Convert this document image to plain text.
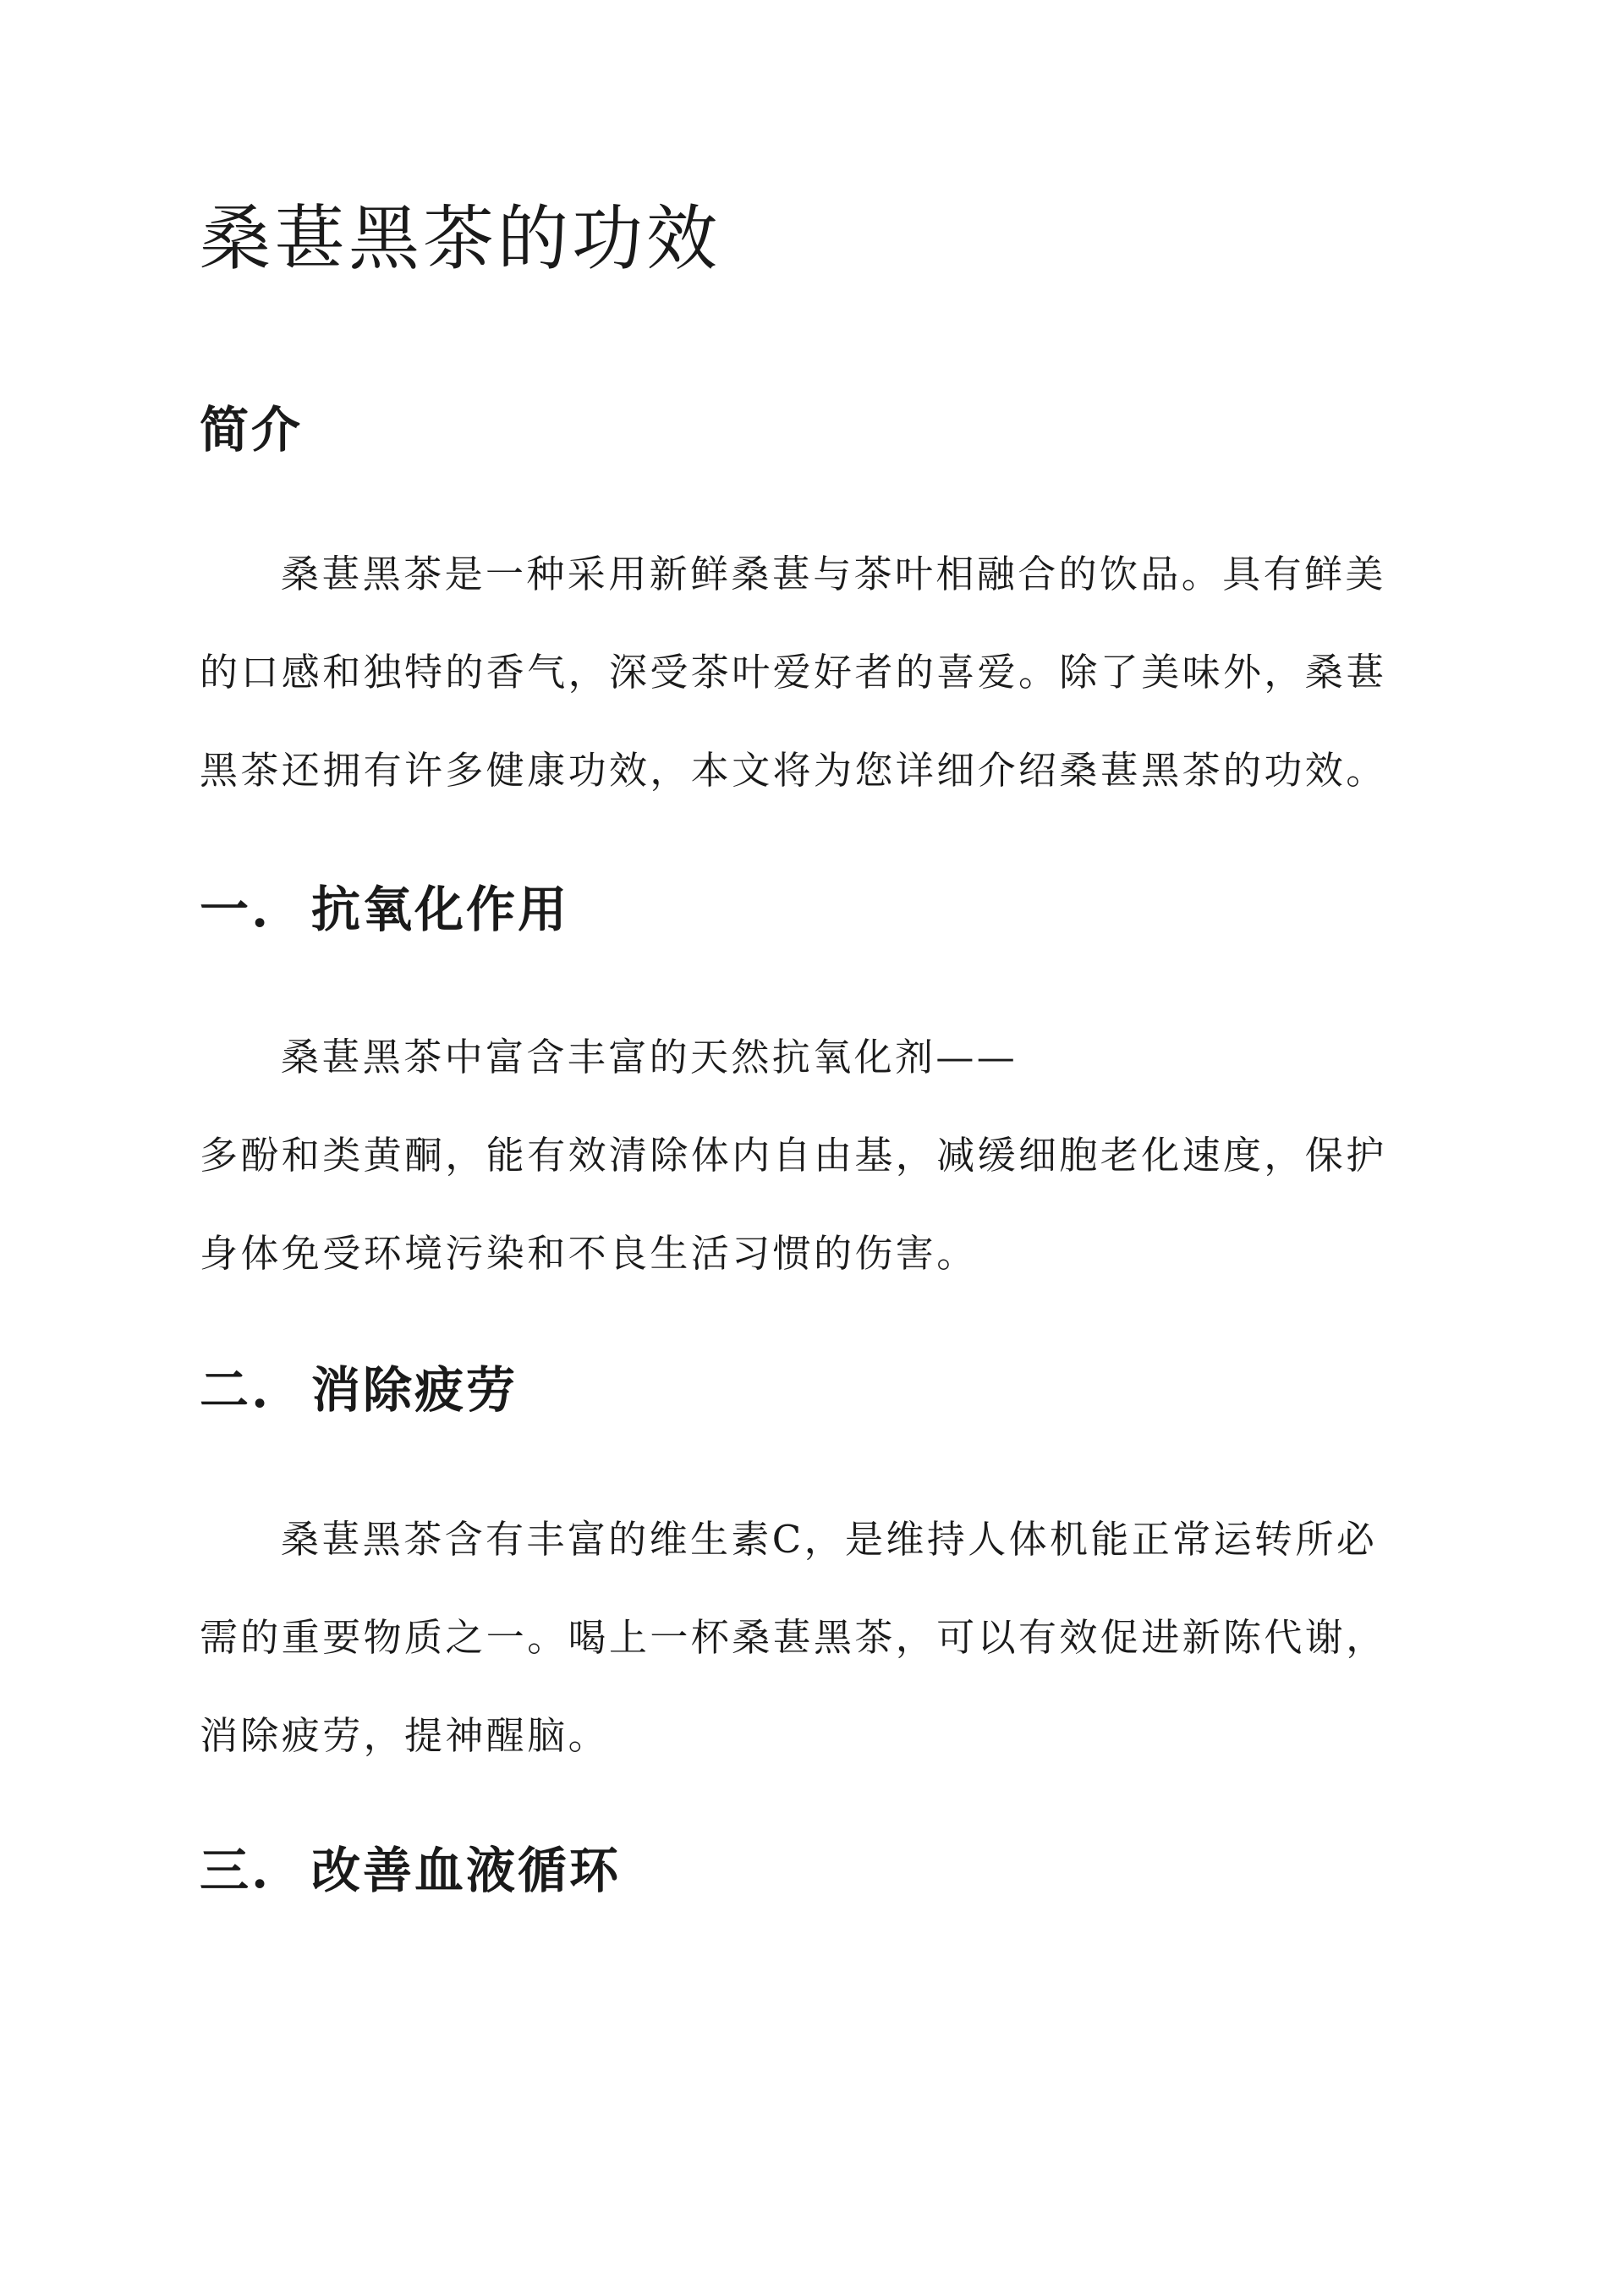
桑葚黑茶的功效
简介
桑葚黑茶是一种采用新鲜桑葚与茶叶相融合的饮品。具有鲜美
的口感和独特的香气，深受茶叶爱好者的喜爱。除了美味外，桑葚
黑茶还拥有许多健康功效，本文将为您详细介绍桑葚黑茶的功效。
一. 抗氧化作用
桑葚黑茶中富含丰富的天然抗氧化剂——
多酚和类黄酮，能有效清除体内自由基，减缓细胞老化速度，保护
身体免受环境污染和不良生活习惯的伤害。
二. 消除疲劳
桑葚黑茶含有丰富的维生素C，是维持人体机能正常运转所必
需的重要物质之一。喝上一杯桑葚黑茶，可以有效促进新陈代谢，
消除疲劳，提神醒脑。
三. 改善血液循环
